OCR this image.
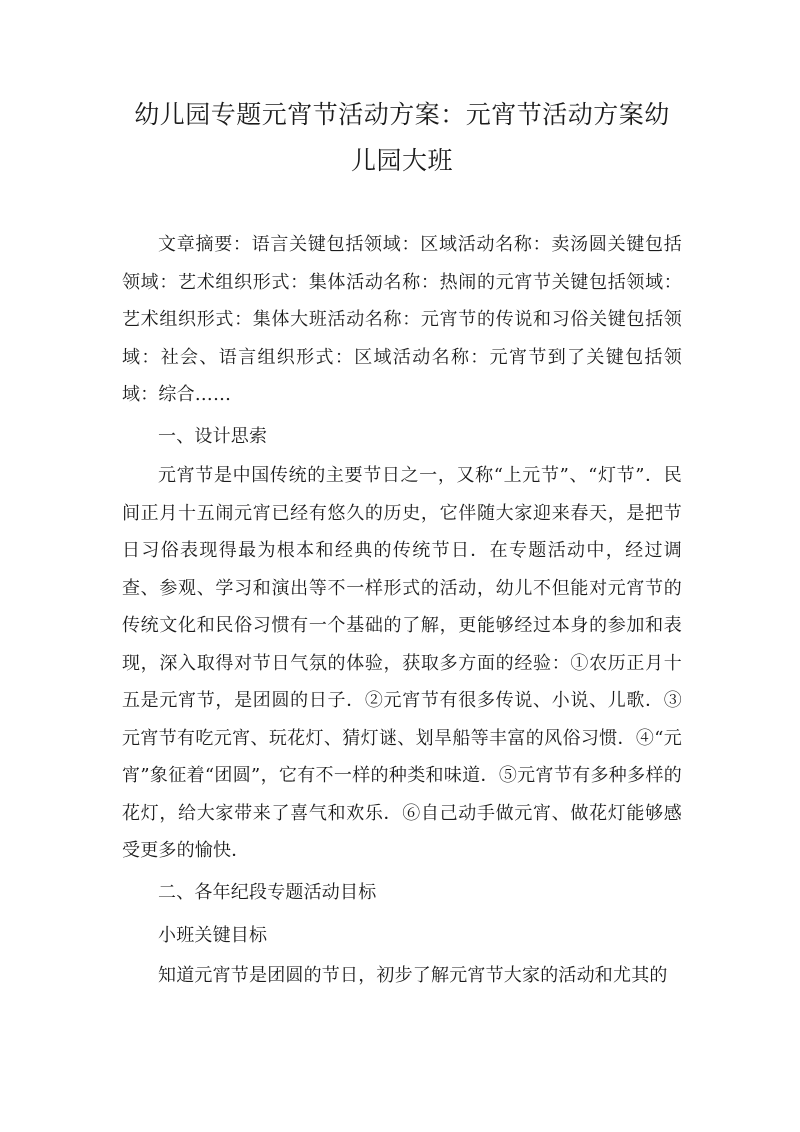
幼儿园专题元宵节活动方案：元宵节活动方案幼儿园大班

文章摘要：语言关键包括领域：区域活动名称：卖汤圆关键包括领域：艺术组织形式：集体活动名称：热闹的元宵节关键包括领域：艺术组织形式：集体大班活动名称：元宵节的传说和习俗关键包括领域：社会、语言组织形式：区域活动名称：元宵节到了关键包括领域：综合……

一、设计思索

元宵节是中国传统的主要节日之一，又称“上元节”、“灯节”．民间正月十五闹元宵已经有悠久的历史，它伴随大家迎来春天，是把节日习俗表现得最为根本和经典的传统节日．在专题活动中，经过调查、参观、学习和演出等不一样形式的活动，幼儿不但能对元宵节的传统文化和民俗习惯有一个基础的了解，更能够经过本身的参加和表现，深入取得对节日气氛的体验，获取多方面的经验：①农历正月十五是元宵节，是团圆的日子．②元宵节有很多传说、小说、儿歌．③元宵节有吃元宵、玩花灯、猜灯谜、划旱船等丰富的风俗习惯．④“元宵”象征着“团圆”，它有不一样的种类和味道．⑤元宵节有多种多样的花灯，给大家带来了喜气和欢乐．⑥自己动手做元宵、做花灯能够感受更多的愉快．

二、各年纪段专题活动目标

小班关键目标

知道元宵节是团圆的节日，初步了解元宵节大家的活动和尤其的
